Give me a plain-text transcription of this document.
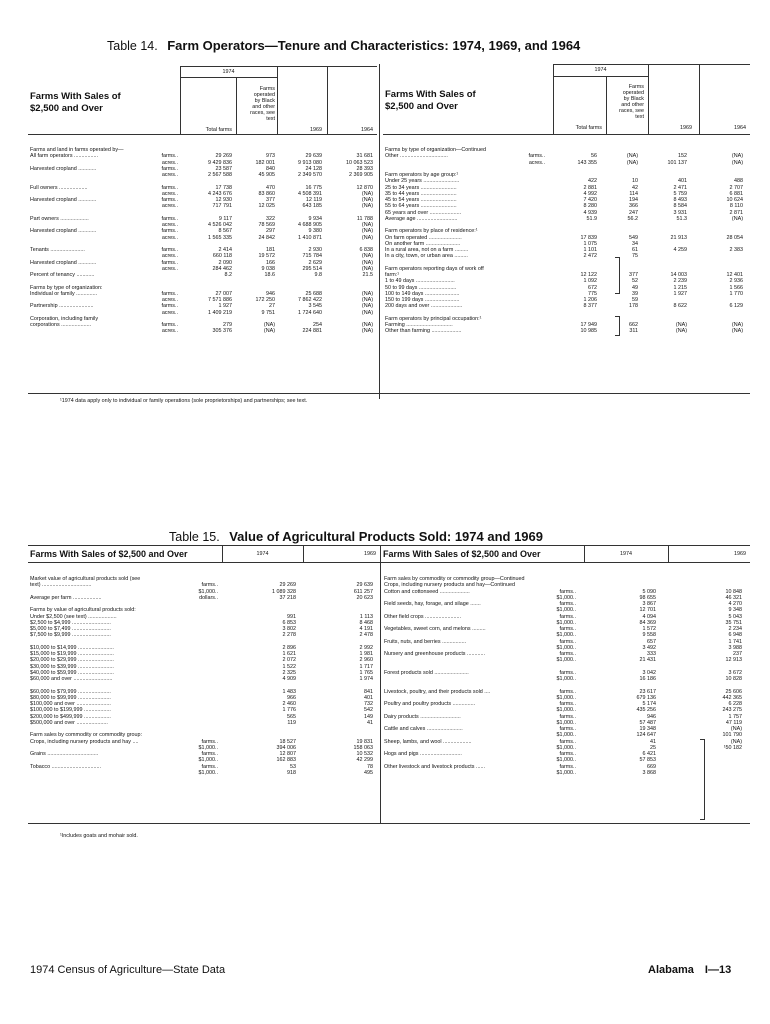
Table 14. Farm Operators—Tenure and Characteristics: 1974, 1969, and 1964
Farms With Sales of
$2,500 and Over
Farms With Sales of
$2,500 and Over
1974
Total farms
Farms
operated
by Black
and other
races, see
text
1969	1964
1974
Total farms
Farms
operated
by Black
and other
races, see
text
1969	1964
Farms and land in farms operated by—
All farm operators ................	farms..	29 269	973	29 639	31 681
acres..	9 429 836	182 001	9 913 080	10 063 523
Harvested cropland ............	farms..	23 587	840	24 128	28 393
acres..	2 567 588	45 905	2 349 570	2 369 905
Full owners ...................	farms..	17 738	470	16 775	12 870
acres..	4 243 676	83 860	4 508 391	(NA)
Harvested cropland ............	farms..	12 930	377	12 119	(NA)
acres..	717 791	12 025	643 185	(NA)
Part owners ...................	farms..	9 117	322	9 934	11 788
acres..	4 526 042	78 569	4 688 905	(NA)
Harvested cropland ............	farms..	8 567	297	9 380	(NA)
acres..	1 565 335	24 842	1 410 871	(NA)
Tenants .......................	farms..	2 414	181	2 930	6 838
acres..	660 118	19 572	715 784	(NA)
Harvested cropland ............	farms..	2 090	166	2 629	(NA)
acres..	284 462	9 038	295 514	(NA)
Percent of tenancy ............	8.2	18.6	9.8	21.5
Farms by type of organization:
Individual or family ..............	farms..	27 007	946	25 688	(NA)
acres..	7 571 886	172 250	7 862 422	(NA)
Partnership .......................	farms..	1 927	27	3 545	(NA)
acres..	1 409 219	9 751	1 724 640	(NA)
Corporation, including family
corporations ....................	farms..	279	(NA)	254	(NA)
acres..	305 376	(NA)	224 881	(NA)
Farms by type of organization—Continued
Other ................................	farms..	56	(NA)	152	(NA)
acres..	143 355	(NA)	101 137	(NA)
Farm operators by age group:¹
Under 25 years ........................	422	10	401	488
25 to 34 years ........................	2 881	42	2 471	2 707
35 to 44 years ........................	4 992	114	5 759	6 881
45 to 54 years ........................	7 420	194	8 493	10 624
55 to 64 years ........................	8 280	366	8 584	8 110
65 years and over .....................	4 939	247	3 931	2 871
Average age ...........................	51.9	56.2	51.3	(NA)
Farm operators by place of residence:¹
On farm operated ......................	17 839	549	21 913	28 054
On another farm .......................	1 075	34
In a rural area, not on a farm .........	1 101	61	4 259	2 383
In a city, town, or urban area .........	2 472	75
Farm operators reporting days of work off
farm:¹	12 122	377	14 003	12 401
1 to 49 days ..........................	1 092	52	2 239	2 936
50 to 99 days .........................	672	49	1 215	1 566
100 to 149 days .......................	775	39	1 927	1 770
150 to 199 days .......................	1 206	59
200 days and over .....................	8 377	178	8 622	6 129
Farm operators by principal occupation:¹
Farming ...............................	17 949	662	(NA)	(NA)
Other than farming ....................	10 985	311	(NA)	(NA)
¹1974 data apply only to individual or family operations (sole proprietorships) and partnerships; see text.
Table 15. Value of Agricultural Products Sold: 1974 and 1969
Farms With Sales of $2,500 and Over	Farms With Sales of $2,500 and Over
1974	1969	1974	1969
Market value of agricultural products sold (see
text) .................................	farms..	29 269	29 639
$1,000..	1 089 328	611 257
Average per farm ...................	dollars..	37 218	20 623
Farms by value of agricultural products sold:
Under $2,500 (see text) ...................	991	1 113
$2,500 to $4,999 ..........................	6 853	8 468
$5,000 to $7,499 ..........................	3 802	4 191
$7,500 to $9,999 ..........................	2 278	2 478
$10,000 to $14,999 ........................	2 896	2 992
$15,000 to $19,999 ........................	1 621	1 981
$20,000 to $29,999 ........................	2 072	2 960
$30,000 to $39,999 ........................	1 522	1 717
$40,000 to $59,999 ........................	2 325	1 765
$60,000 and over ..........................	4 909	1 974
$60,000 to $79,999 ......................	1 483	841
$80,000 to $99,999 ......................	966	401
$100,000 and over .......................	2 460	732
$100,000 to $199,999 ..................	1 776	542
$200,000 to $499,999 ..................	565	149
$500,000 and over .....................	119	41
Farm sales by commodity or commodity group:
Crops, including nursery products and hay ....	farms..	18 527	19 831
$1,000..	394 006	158 063
Grains ..................................	farms..	12 807	10 532
$1,000..	162 883	42 299
Tobacco .................................	farms..	53	78
$1,000..	918	495
Farm sales by commodity or commodity group—Continued
Crops, including nursery products and hay—Continued
Cotton and cottonseed ....................	farms..	5 090	10 848
$1,000..	98 655	46 321
Field seeds, hay, forage, and silage .......	farms..	3 867	4 270
$1,000..	12 701	9 348
Other field crops ........................	farms..	4 094	5 043
$1,000..	84 369	35 751
Vegetables, sweet corn, and melons .........	farms..	1 572	2 234
$1,000..	9 558	6 948
Fruits, nuts, and berries ................	farms..	657	1 741
$1,000..	3 492	3 988
Nursery and greenhouse products ............	farms..	333	237
$1,000..	21 431	12 913
Forest products sold .......................	farms..	3 042	3 672
$1,000..	16 186	10 828
Livestock, poultry, and their products sold ....	farms..	23 617	25 606
$1,000..	679 136	442 365
Poultry and poultry products ...............	farms..	5 174	6 228
$1,000..	435 256	243 275
Dairy products ...........................	farms..	946	1 757
$1,000..	57 487	47 119
Cattle and calves ........................	farms..	19 348	(NA)
$1,000..	124 647	101 790
Sheep, lambs, and wool ...................	farms..	41	(NA)
$1,000..	25	¹50 182
Hogs and pigs ............................	farms..	6 421
$1,000..	57 853
Other livestock and livestock products ......	farms..	669
$1,000..	3 868
¹Includes goats and mohair sold.
1974 Census of Agriculture—State Data	Alabama I—13
